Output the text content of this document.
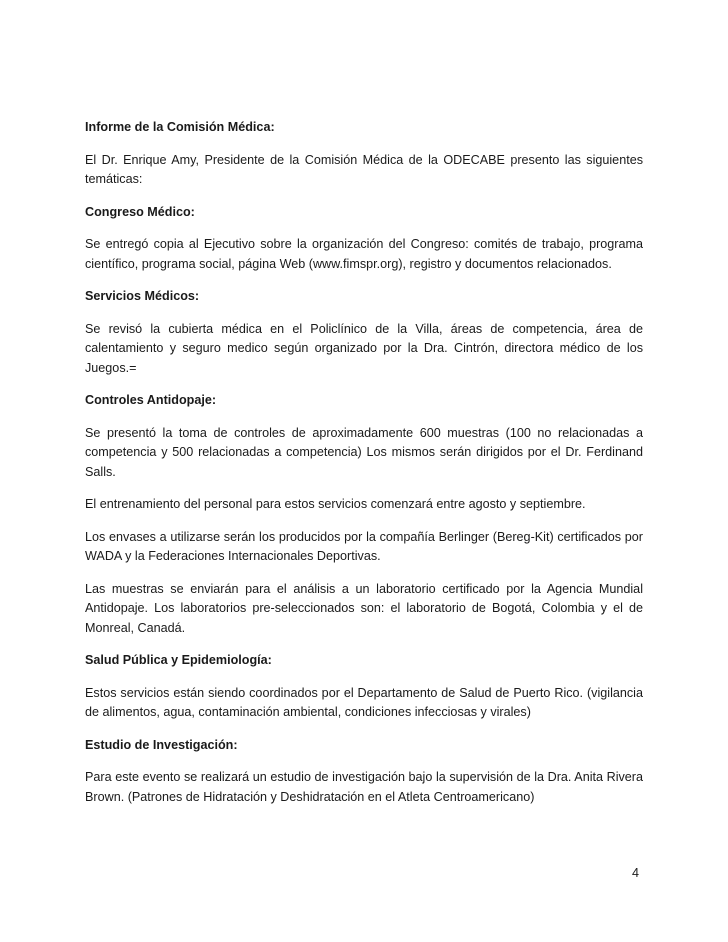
Informe de la Comisión Médica:
El Dr. Enrique Amy, Presidente de la Comisión Médica de la ODECABE presento las siguientes temáticas:
Congreso Médico:
Se entregó copia al Ejecutivo sobre la organización del Congreso: comités de trabajo, programa científico, programa social, página Web (www.fimspr.org), registro y documentos relacionados.
Servicios Médicos:
Se revisó la cubierta médica en el Policlínico de la Villa, áreas de competencia, área de calentamiento y seguro medico según organizado por la Dra. Cintrón, directora médico de los Juegos.=
Controles Antidopaje:
Se presentó la toma de controles de aproximadamente 600 muestras (100 no relacionadas a competencia y 500 relacionadas a competencia) Los mismos serán dirigidos por el Dr. Ferdinand Salls.
El entrenamiento del personal para estos servicios comenzará entre agosto y septiembre.
Los envases a utilizarse serán los producidos por la compañía Berlinger (Bereg-Kit) certificados por WADA y la Federaciones Internacionales Deportivas.
Las muestras se enviarán para el análisis a un laboratorio certificado por la Agencia Mundial Antidopaje. Los laboratorios pre-seleccionados son: el laboratorio de Bogotá, Colombia y el de Monreal, Canadá.
Salud Pública y Epidemiología:
Estos servicios están siendo coordinados por el Departamento de Salud de Puerto Rico. (vigilancia de alimentos, agua, contaminación ambiental, condiciones infecciosas y virales)
Estudio de Investigación:
Para este evento se realizará un estudio de investigación bajo la supervisión de la Dra. Anita Rivera Brown. (Patrones de Hidratación y Deshidratación en el Atleta Centroamericano)
4
